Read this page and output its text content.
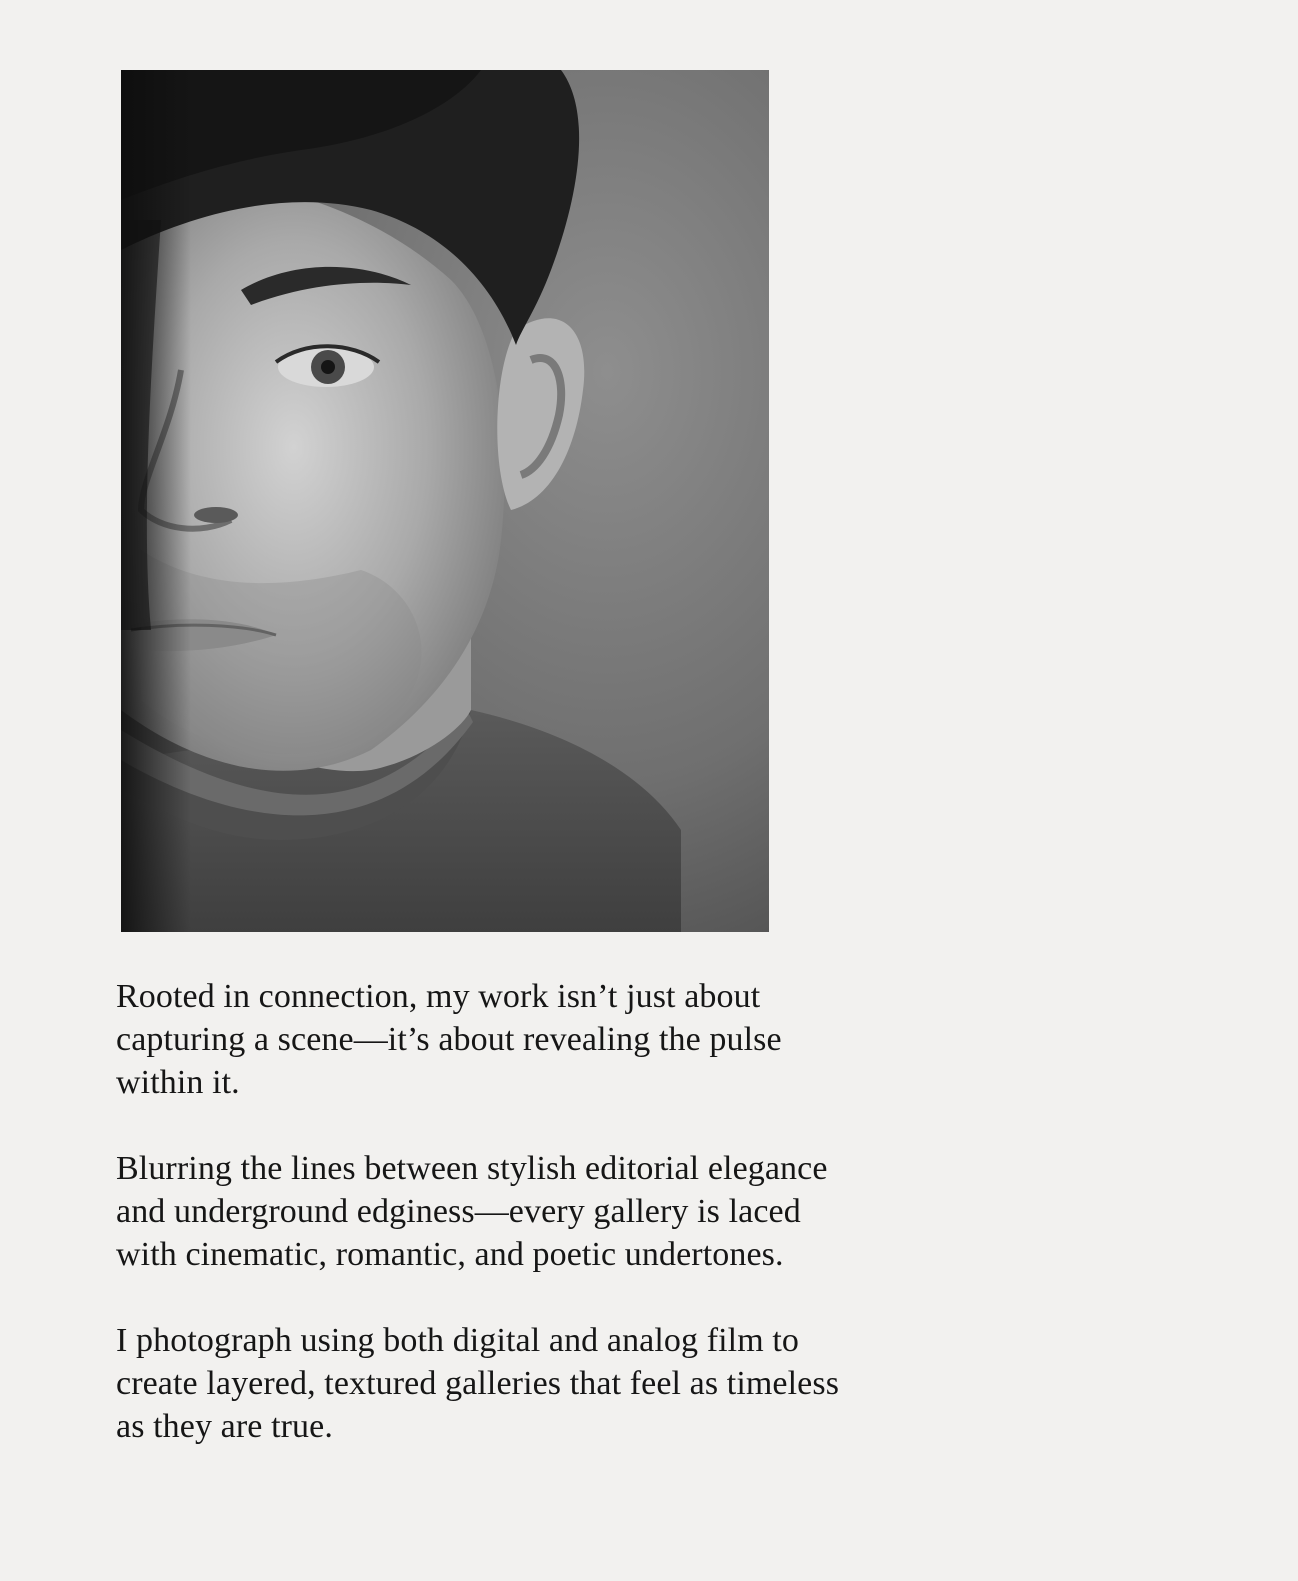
Rooted in connection, my work isn’t just about
capturing a scene—it’s about revealing the pulse
within it.

Blurring the lines between stylish editorial elegance
and underground edginess—every gallery is laced
with cinematic, romantic, and poetic undertones.

I photograph using both digital and analog film to
create layered, textured galleries that feel as timeless
as they are true.
